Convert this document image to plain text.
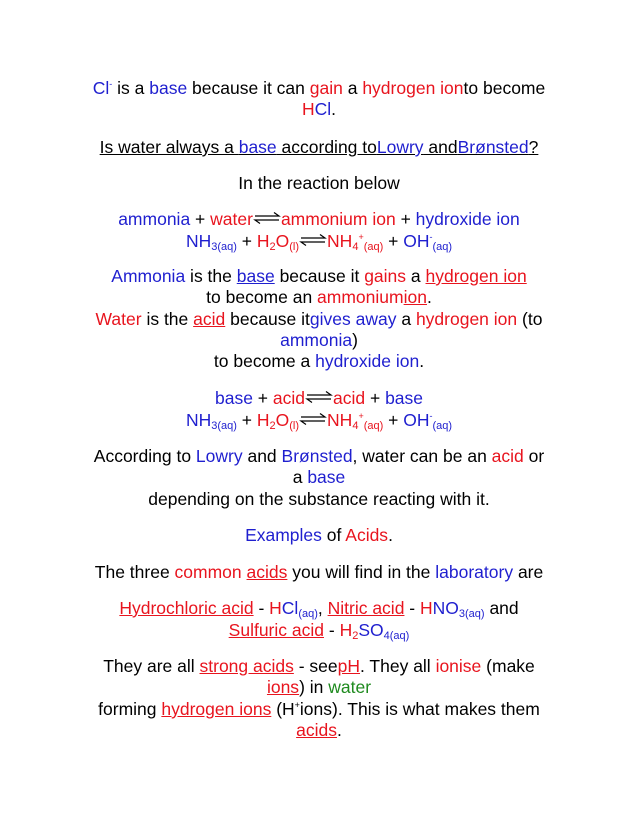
Cl- is a base because it can gain a hydrogen ionto become
HCl.
Is water always a base according toLowry andBrønsted?
In the reaction below
ammonia + water⇌ammonium ion + hydroxide ion
$NH_{3(aq)} + H_2O_{(l)}$ $\rightleftharpoons NH_4^+_{(aq)} + OH^-_{(aq)}$
Ammonia is the base because it gains a hydrogen ion
to become an ammoniumion.
Water is the acid because itgives away a hydrogen ion (to
ammonia)
to become a hydroxide ion.
base + acid⇌acid + base
$NH_{3(aq)} + H_2O_{(l)}$ $\rightleftharpoons NH_4^+_{(aq)} + OH^-_{(aq)}$
According to Lowry and Brønsted, water can be an acid or
a base
depending on the substance reacting with it.
Examples of Acids.
The three common acids you will find in the laboratory are
Hydrochloric acid - HCl$_{(aq)}$, Nitric acid - $HNO_{3(aq)}$ and
Sulfuric acid - $H_2SO_{4(aq)}$
They are all strong acids - seepH. They all ionise (make
ions) in water
forming hydrogen ions (H+ions). This is what makes them
acids.
